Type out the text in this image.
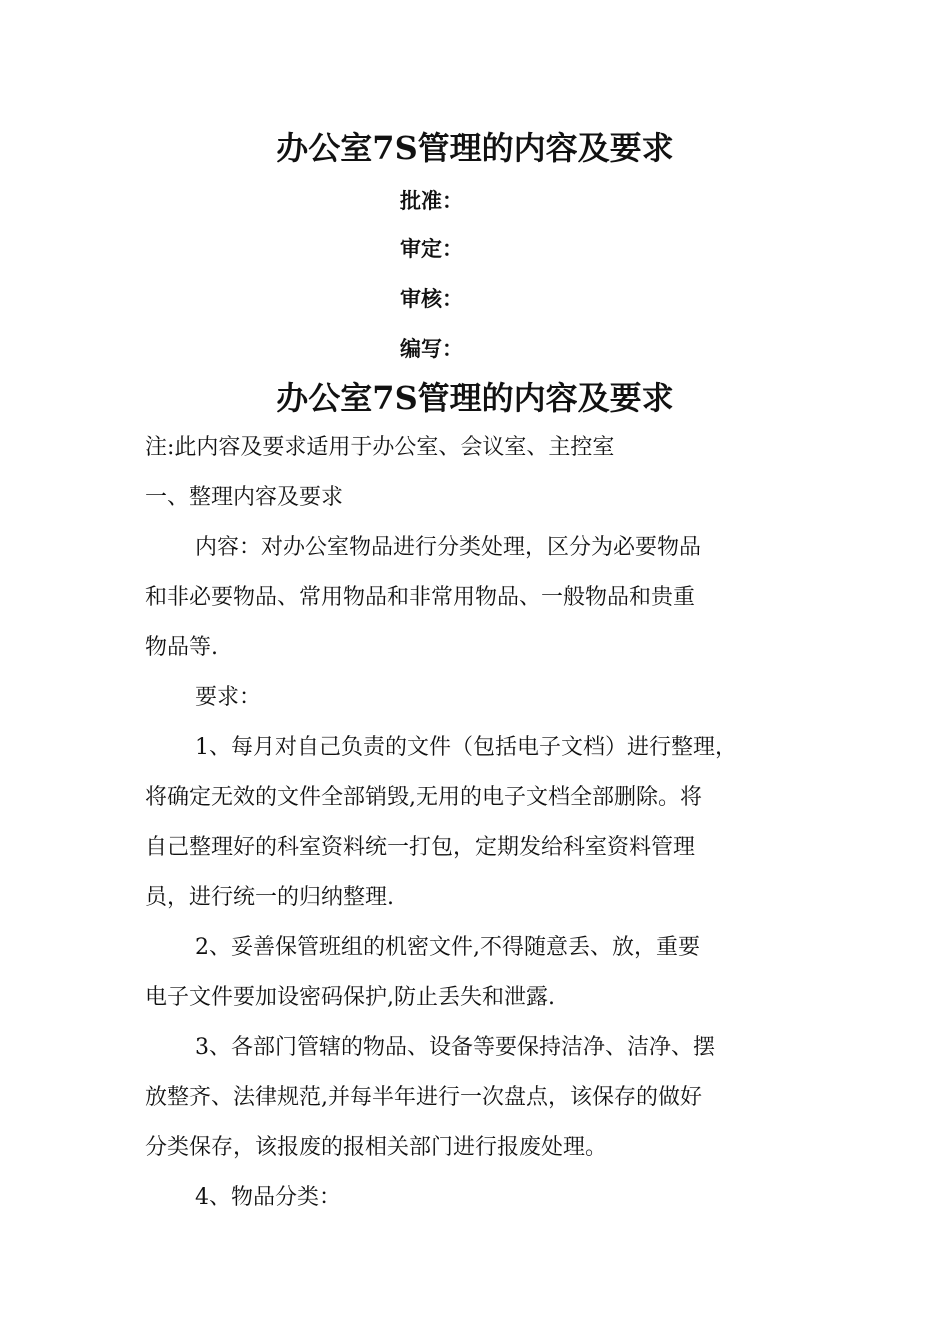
办公室7S管理的内容及要求
批准：
审定：
审核：
编写：
办公室7S管理的内容及要求
注:此内容及要求适用于办公室、会议室、主控室
一、整理内容及要求
内容：对办公室物品进行分类处理，区分为必要物品
和非必要物品、常用物品和非常用物品、一般物品和贵重
物品等.
要求：
1、每月对自己负责的文件（包括电子文档）进行整理，
将确定无效的文件全部销毁,无用的电子文档全部删除。将
自己整理好的科室资料统一打包，定期发给科室资料管理
员，进行统一的归纳整理.
2、妥善保管班组的机密文件,不得随意丢、放，重要
电子文件要加设密码保护,防止丢失和泄露.
3、各部门管辖的物品、设备等要保持洁净、洁净、摆
放整齐、法律规范,并每半年进行一次盘点，该保存的做好
分类保存，该报废的报相关部门进行报废处理。
4、物品分类：
